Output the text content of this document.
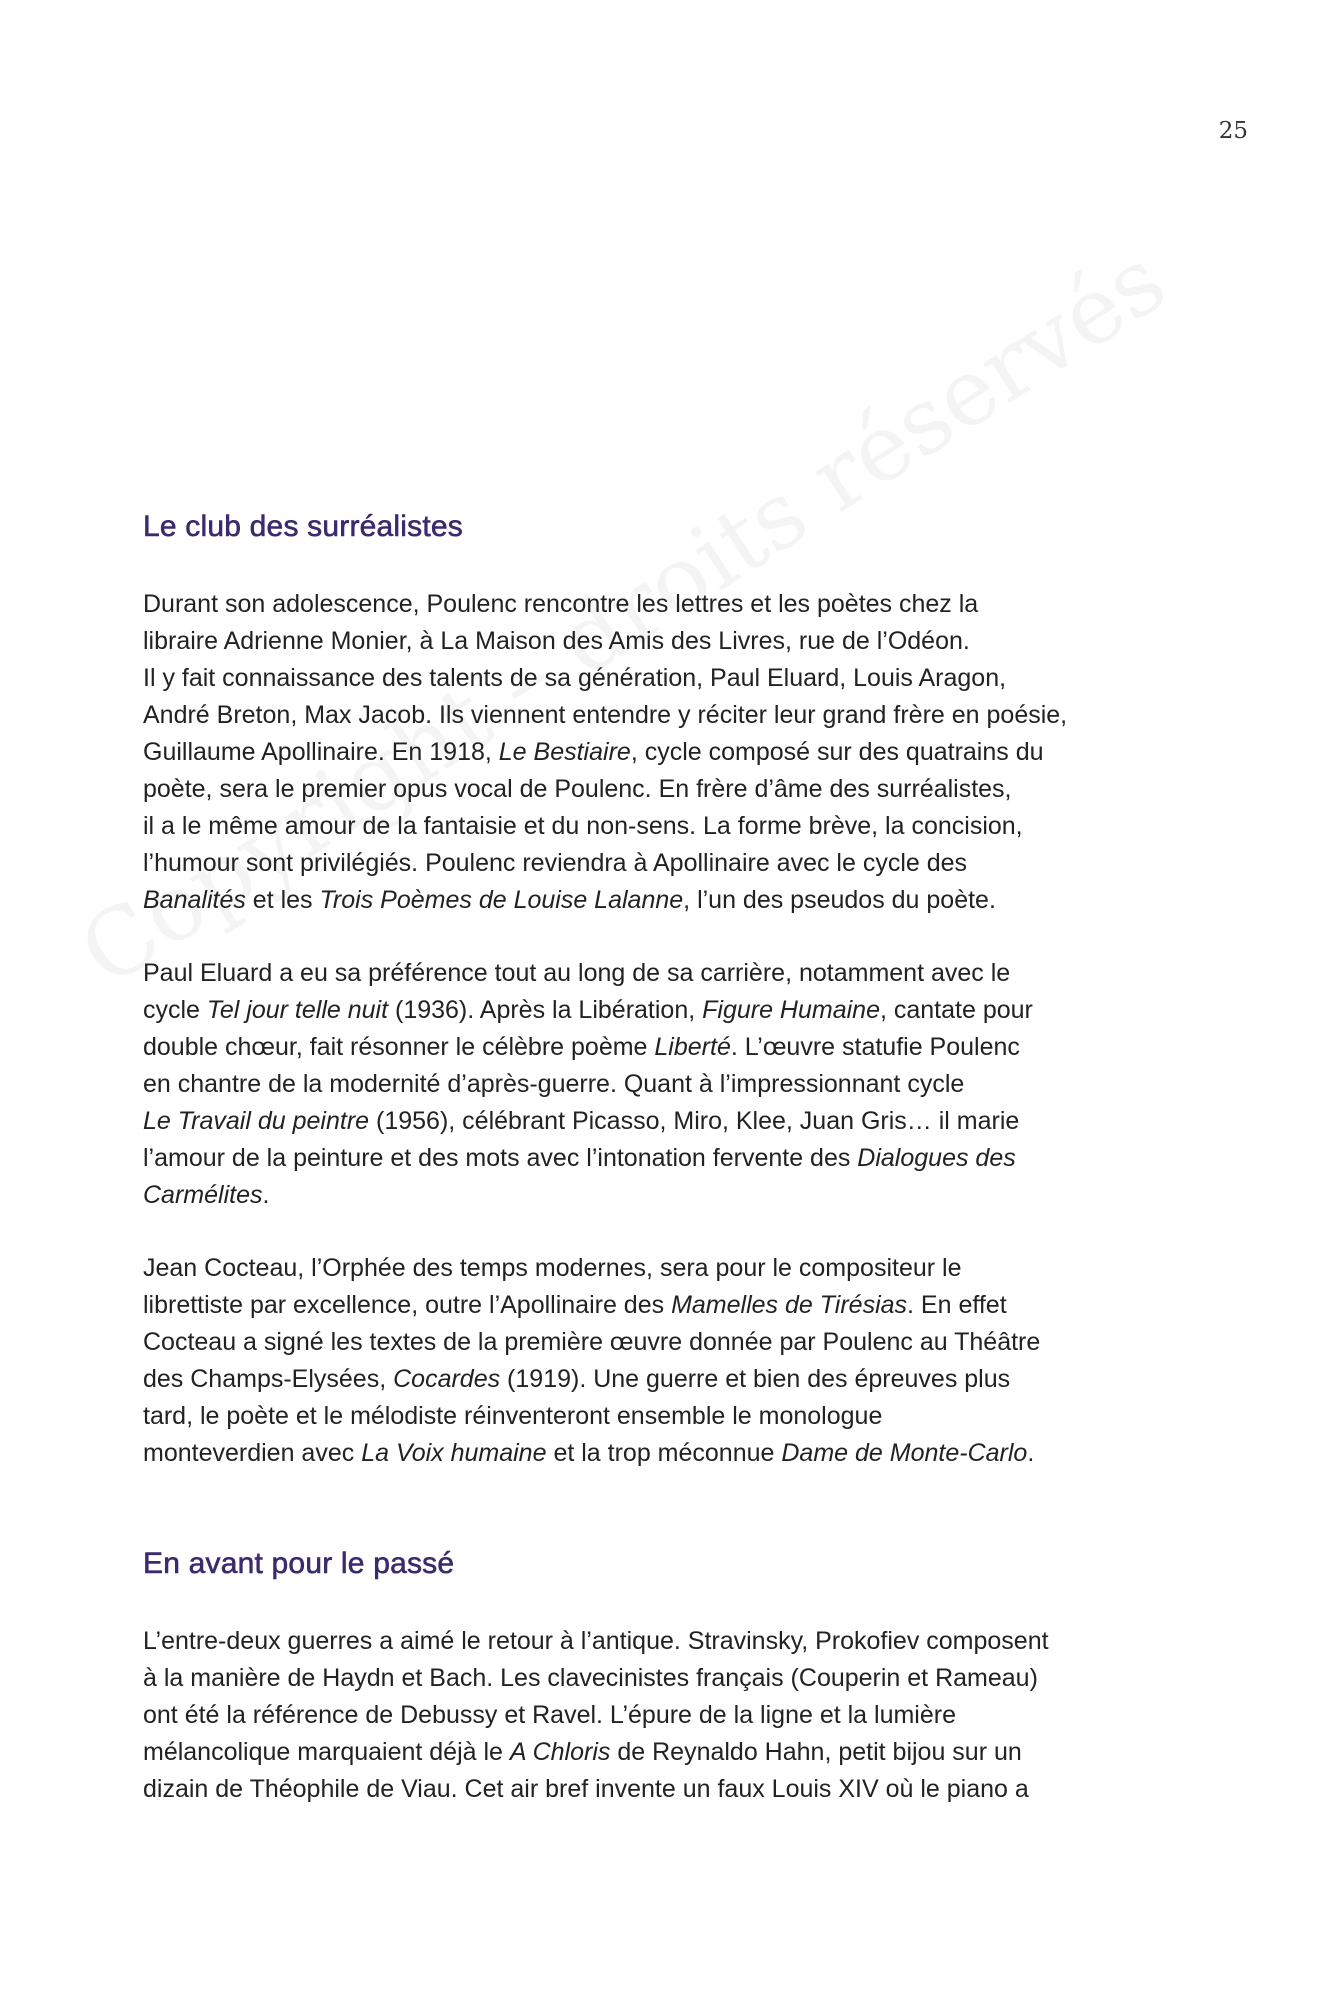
25

Le club des surréalistes

Durant son adolescence, Poulenc rencontre les lettres et les poètes chez la
libraire Adrienne Monier, à La Maison des Amis des Livres, rue de l’Odéon.
Il y fait connaissance des talents de sa génération, Paul Eluard, Louis Aragon,
André Breton, Max Jacob. Ils viennent entendre y réciter leur grand frère en poésie,
Guillaume Apollinaire. En 1918, Le Bestiaire, cycle composé sur des quatrains du
poète, sera le premier opus vocal de Poulenc. En frère d’âme des surréalistes,
il a le même amour de la fantaisie et du non-sens. La forme brève, la concision,
l’humour sont privilégiés. Poulenc reviendra à Apollinaire avec le cycle des
Banalités et les Trois Poèmes de Louise Lalanne, l’un des pseudos du poète.

Paul Eluard a eu sa préférence tout au long de sa carrière, notamment avec le
cycle Tel jour telle nuit (1936). Après la Libération, Figure Humaine, cantate pour
double chœur, fait résonner le célèbre poème Liberté. L’œuvre statufie Poulenc
en chantre de la modernité d’après-guerre. Quant à l’impressionnant cycle
Le Travail du peintre (1956), célébrant Picasso, Miro, Klee, Juan Gris… il marie
l’amour de la peinture et des mots avec l’intonation fervente des Dialogues des
Carmélites.

Jean Cocteau, l’Orphée des temps modernes, sera pour le compositeur le
librettiste par excellence, outre l’Apollinaire des Mamelles de Tirésias. En effet
Cocteau a signé les textes de la première œuvre donnée par Poulenc au Théâtre
des Champs-Elysées, Cocardes (1919). Une guerre et bien des épreuves plus
tard, le poète et le mélodiste réinventeront ensemble le monologue
monteverdien avec La Voix humaine et la trop méconnue Dame de Monte-Carlo.

En avant pour le passé

L’entre-deux guerres a aimé le retour à l’antique. Stravinsky, Prokofiev composent
à la manière de Haydn et Bach. Les clavecinistes français (Couperin et Rameau)
ont été la référence de Debussy et Ravel. L’épure de la ligne et la lumière
mélancolique marquaient déjà le A Chloris de Reynaldo Hahn, petit bijou sur un
dizain de Théophile de Viau. Cet air bref invente un faux Louis XIV où le piano a
